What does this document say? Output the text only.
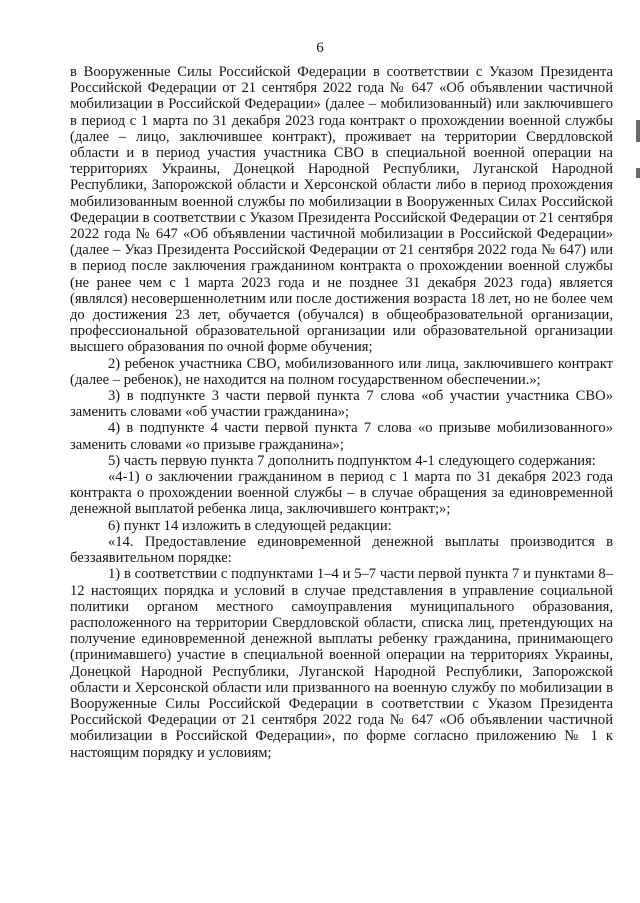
6

в Вооруженные Силы Российской Федерации в соответствии с Указом Президента Российской Федерации от 21 сентября 2022 года № 647 «Об объявлении частичной мобилизации в Российской Федерации» (далее – мобилизованный) или заключившего в период с 1 марта по 31 декабря 2023 года контракт о прохождении военной службы (далее – лицо, заключившее контракт), проживает на территории Свердловской области и в период участия участника СВО в специальной военной операции на территориях Украины, Донецкой Народной Республики, Луганской Народной Республики, Запорожской области и Херсонской области либо в период прохождения мобилизованным военной службы по мобилизации в Вооруженных Силах Российской Федерации в соответствии с Указом Президента Российской Федерации от 21 сентября 2022 года № 647 «Об объявлении частичной мобилизации в Российской Федерации» (далее – Указ Президента Российской Федерации от 21 сентября 2022 года № 647) или в период после заключения гражданином контракта о прохождении военной службы (не ранее чем с 1 марта 2023 года и не позднее 31 декабря 2023 года) является (являлся) несовершеннолетним или после достижения возраста 18 лет, но не более чем до достижения 23 лет, обучается (обучался) в общеобразовательной организации, профессиональной образовательной организации или образовательной организации высшего образования по очной форме обучения;

2) ребенок участника СВО, мобилизованного или лица, заключившего контракт (далее – ребенок), не находится на полном государственном обеспечении.»;

3) в подпункте 3 части первой пункта 7 слова «об участии участника СВО» заменить словами «об участии гражданина»;

4) в подпункте 4 части первой пункта 7 слова «о призыве мобилизованного» заменить словами «о призыве гражданина»;

5) часть первую пункта 7 дополнить подпунктом 4-1 следующего содержания:

«4-1) о заключении гражданином в период с 1 марта по 31 декабря 2023 года контракта о прохождении военной службы – в случае обращения за единовременной денежной выплатой ребенка лица, заключившего контракт;»;

6) пункт 14 изложить в следующей редакции:

«14. Предоставление единовременной денежной выплаты производится в беззаявительном порядке:

1) в соответствии с подпунктами 1–4 и 5–7 части первой пункта 7 и пунктами 8–12 настоящих порядка и условий в случае представления в управление социальной политики органом местного самоуправления муниципального образования, расположенного на территории Свердловской области, списка лиц, претендующих на получение единовременной денежной выплаты ребенку гражданина, принимающего (принимавшего) участие в специальной военной операции на территориях Украины, Донецкой Народной Республики, Луганской Народной Республики, Запорожской области и Херсонской области или призванного на военную службу по мобилизации в Вооруженные Силы Российской Федерации в соответствии с Указом Президента Российской Федерации от 21 сентября 2022 года № 647 «Об объявлении частичной мобилизации в Российской Федерации», по форме согласно приложению № 1 к настоящим порядку и условиям;
